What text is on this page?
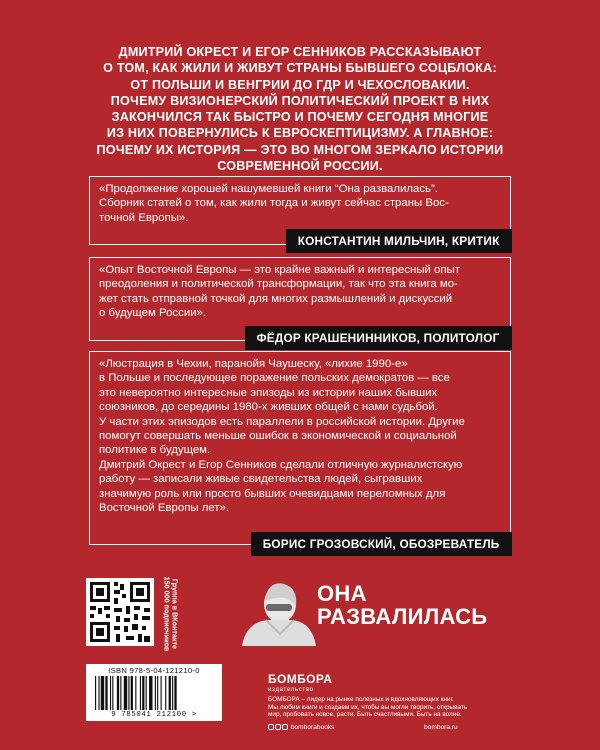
ДМИТРИЙ ОКРЕСТ И ЕГОР СЕННИКОВ РАССКАЗЫВАЮТ
О ТОМ, КАК ЖИЛИ И ЖИВУТ СТРАНЫ БЫВШЕГО СОЦБЛОКА:
ОТ ПОЛЬШИ И ВЕНГРИИ ДО ГДР И ЧЕХОСЛОВАКИИ.
ПОЧЕМУ ВИЗИОНЕРСКИЙ ПОЛИТИЧЕСКИЙ ПРОЕКТ В НИХ
ЗАКОНЧИЛСЯ ТАК БЫСТРО И ПОЧЕМУ СЕГОДНЯ МНОГИЕ
ИЗ НИХ ПОВЕРНУЛИСЬ К ЕВРОСКЕПТИЦИЗМУ. А ГЛАВНОЕ:
ПОЧЕМУ ИХ ИСТОРИЯ — ЭТО ВО МНОГОМ ЗЕРКАЛО ИСТОРИИ
СОВРЕМЕННОЙ РОССИИ.
«Продолжение хорошей нашумевшей книги “Она развалилась”.
Сборник статей о том, как жили тогда и живут сейчас страны Вос-
точной Европы».
КОНСТАНТИН МИЛЬЧИН, КРИТИК
«Опыт Восточной Европы — это крайне важный и интересный опыт
преодоления и политической трансформации, так что эта книга мо-
жет стать отправной точкой для многих размышлений и дискуссий
о будущем России».
ФЁДОР КРАШЕНИННИКОВ, ПОЛИТОЛОГ
«Люстрация в Чехии, паранойя Чаушеску, «лихие 1990-е»
в Польше и последующее поражение польских демократов — все
это невероятно интересные эпизоды из истории наших бывших
союзников, до середины 1980-х живших общей с нами судьбой.
У части этих эпизодов есть параллели в российской истории. Другие
помогут совершать меньше ошибок в экономической и социальной
политике в будущем.
Дмитрий Окрест и Егор Сенников сделали отличную журналистскую
работу — записали живые свидетельства людей, сыгравших
значимую роль или просто бывших очевидцами переломных для
Восточной Европы лет».
БОРИС ГРОЗОВСКИЙ, ОБОЗРЕВАТЕЛЬ
Группа в ВКонтакте
150 000 подписчиков
ISBN 978-5-04-121210-0
9 785041 212100 >
ОНА
РАЗВАЛИЛАСЬ
БОМБОРА
издательство
БОМБОРА – лидер на рынке полезных и вдохновляющих книг.
Мы любим книги и создаем их, чтобы вы могли творить, открывать
мир, пробовать новое, расти. Быть счастливыми. Быть на волне.
bomborabooks	bombora.ru
